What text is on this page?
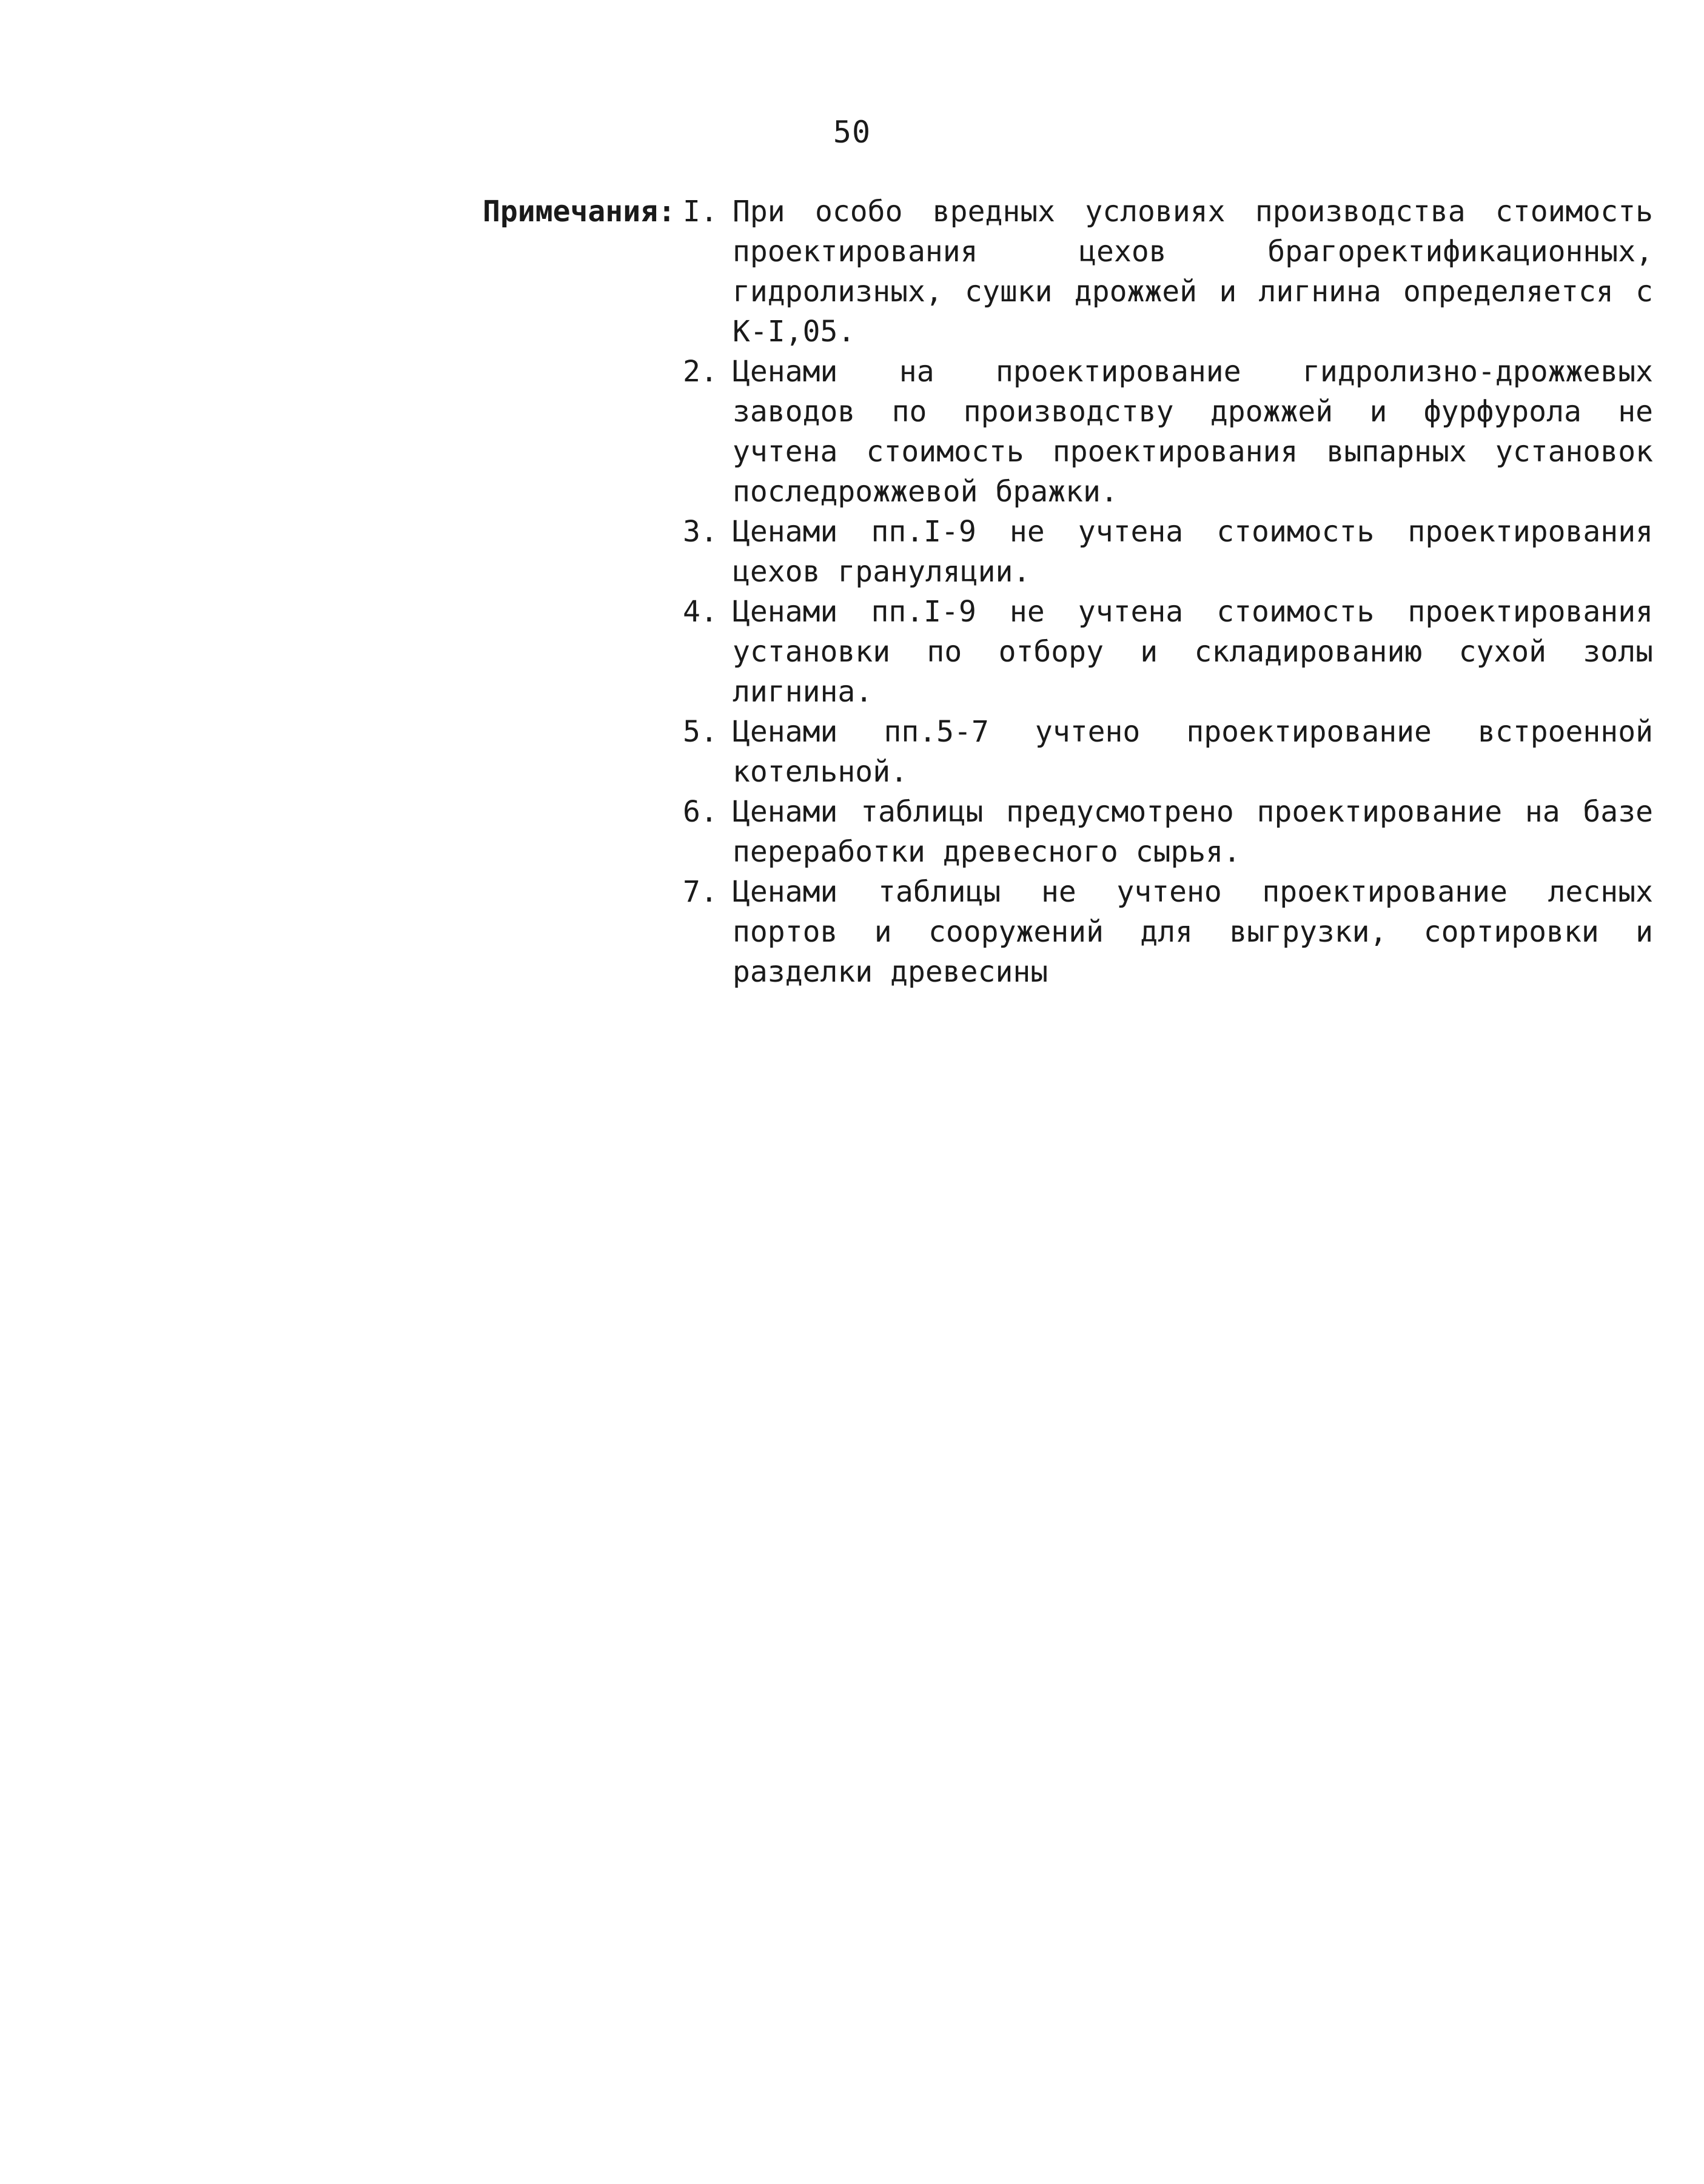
50
Примечания: I. При особо вредных условиях производства стоимость проектирования цехов брагоректификационных, гидролизных, сушки дрожжей и лигнина определяется с К-I,05.
2. Ценами на проектирование гидролизно-дрожжевых заводов по производству дрожжей и фурфурола не учтена стоимость проектирования выпарных установок последрожжевой бражки.
3. Ценами пп.I-9 не учтена стоимость проектирования цехов грануляции.
4. Ценами пп.I-9 не учтена стоимость проектирования установки по отбору и складированию сухой золы лигнина.
5. Ценами пп.5-7 учтено проектирование встроенной котельной.
6. Ценами таблицы предусмотрено проектирование на базе переработки древесного сырья.
7. Ценами таблицы не учтено проектирование лесных портов и сооружений для выгрузки, сортировки и разделки древесины
